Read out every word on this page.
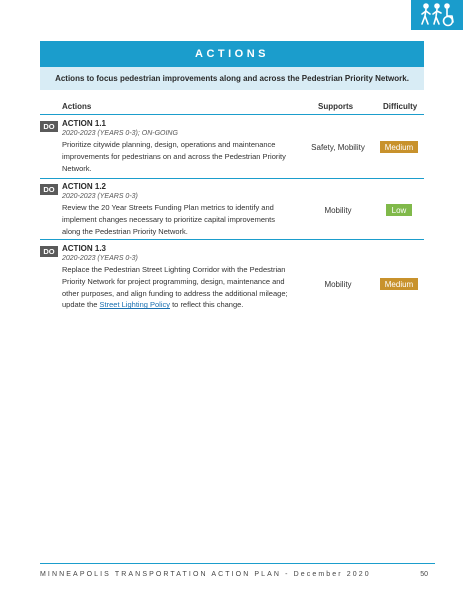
ACTIONS
Actions to focus pedestrian improvements along and across the Pedestrian Priority Network.
Actions	Supports	Difficulty
DO ACTION 1.1
2020-2023 (YEARS 0-3); ON-GOING
Prioritize citywide planning, design, operations and maintenance improvements for pedestrians on and across the Pedestrian Priority Network.
Safety, Mobility	Medium
DO ACTION 1.2
2020-2023 (YEARS 0-3)
Review the 20 Year Streets Funding Plan metrics to identify and implement changes necessary to prioritize capital improvements along the Pedestrian Priority Network.
Mobility	Low
DO ACTION 1.3
2020-2023 (YEARS 0-3)
Replace the Pedestrian Street Lighting Corridor with the Pedestrian Priority Network for project programming, design, maintenance and other purposes, and align funding to address the additional mileage; update the Street Lighting Policy to reflect this change.
Mobility	Medium
MINNEAPOLIS TRANSPORTATION ACTION PLAN - December 2020	50
